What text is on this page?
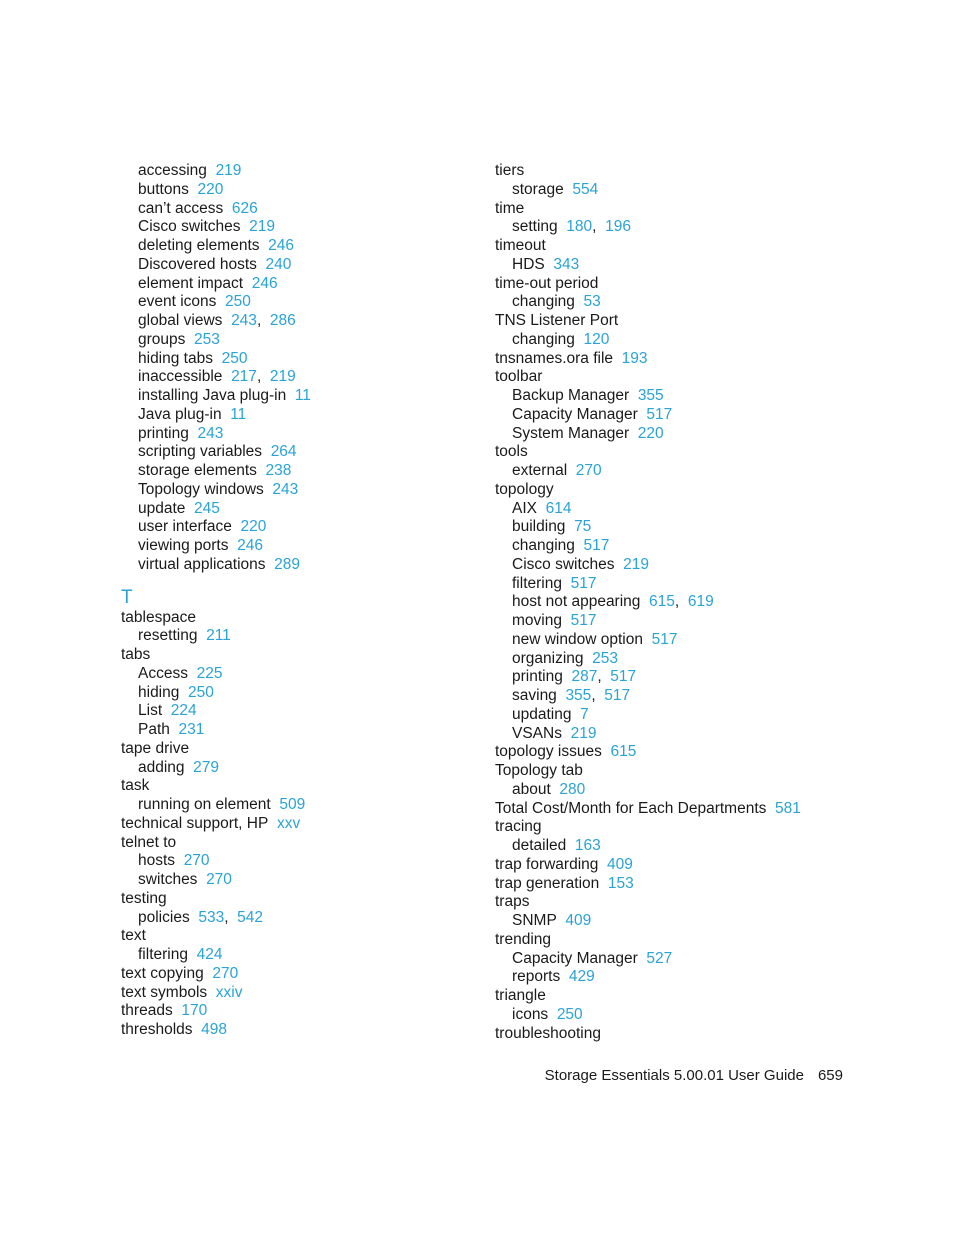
accessing 219
buttons 220
can’t access 626
Cisco switches 219
deleting elements 246
Discovered hosts 240
element impact 246
event icons 250
global views 243, 286
groups 253
hiding tabs 250
inaccessible 217, 219
installing Java plug-in 11
Java plug-in 11
printing 243
scripting variables 264
storage elements 238
Topology windows 243
update 245
user interface 220
viewing ports 246
virtual applications 289
T
tablespace
resetting 211
tabs
Access 225
hiding 250
List 224
Path 231
tape drive
adding 279
task
running on element 509
technical support, HP xxv
telnet to
hosts 270
switches 270
testing
policies 533, 542
text
filtering 424
text copying 270
text symbols xxiv
threads 170
thresholds 498
tiers
storage 554
time
setting 180, 196
timeout
HDS 343
time-out period
changing 53
TNS Listener Port
changing 120
tnsnames.ora file 193
toolbar
Backup Manager 355
Capacity Manager 517
System Manager 220
tools
external 270
topology
AIX 614
building 75
changing 517
Cisco switches 219
filtering 517
host not appearing 615, 619
moving 517
new window option 517
organizing 253
printing 287, 517
saving 355, 517
updating 7
VSANs 219
topology issues 615
Topology tab
about 280
Total Cost/Month for Each Departments 581
tracing
detailed 163
trap forwarding 409
trap generation 153
traps
SNMP 409
trending
Capacity Manager 527
reports 429
triangle
icons 250
troubleshooting
Storage Essentials 5.00.01 User Guide 659
